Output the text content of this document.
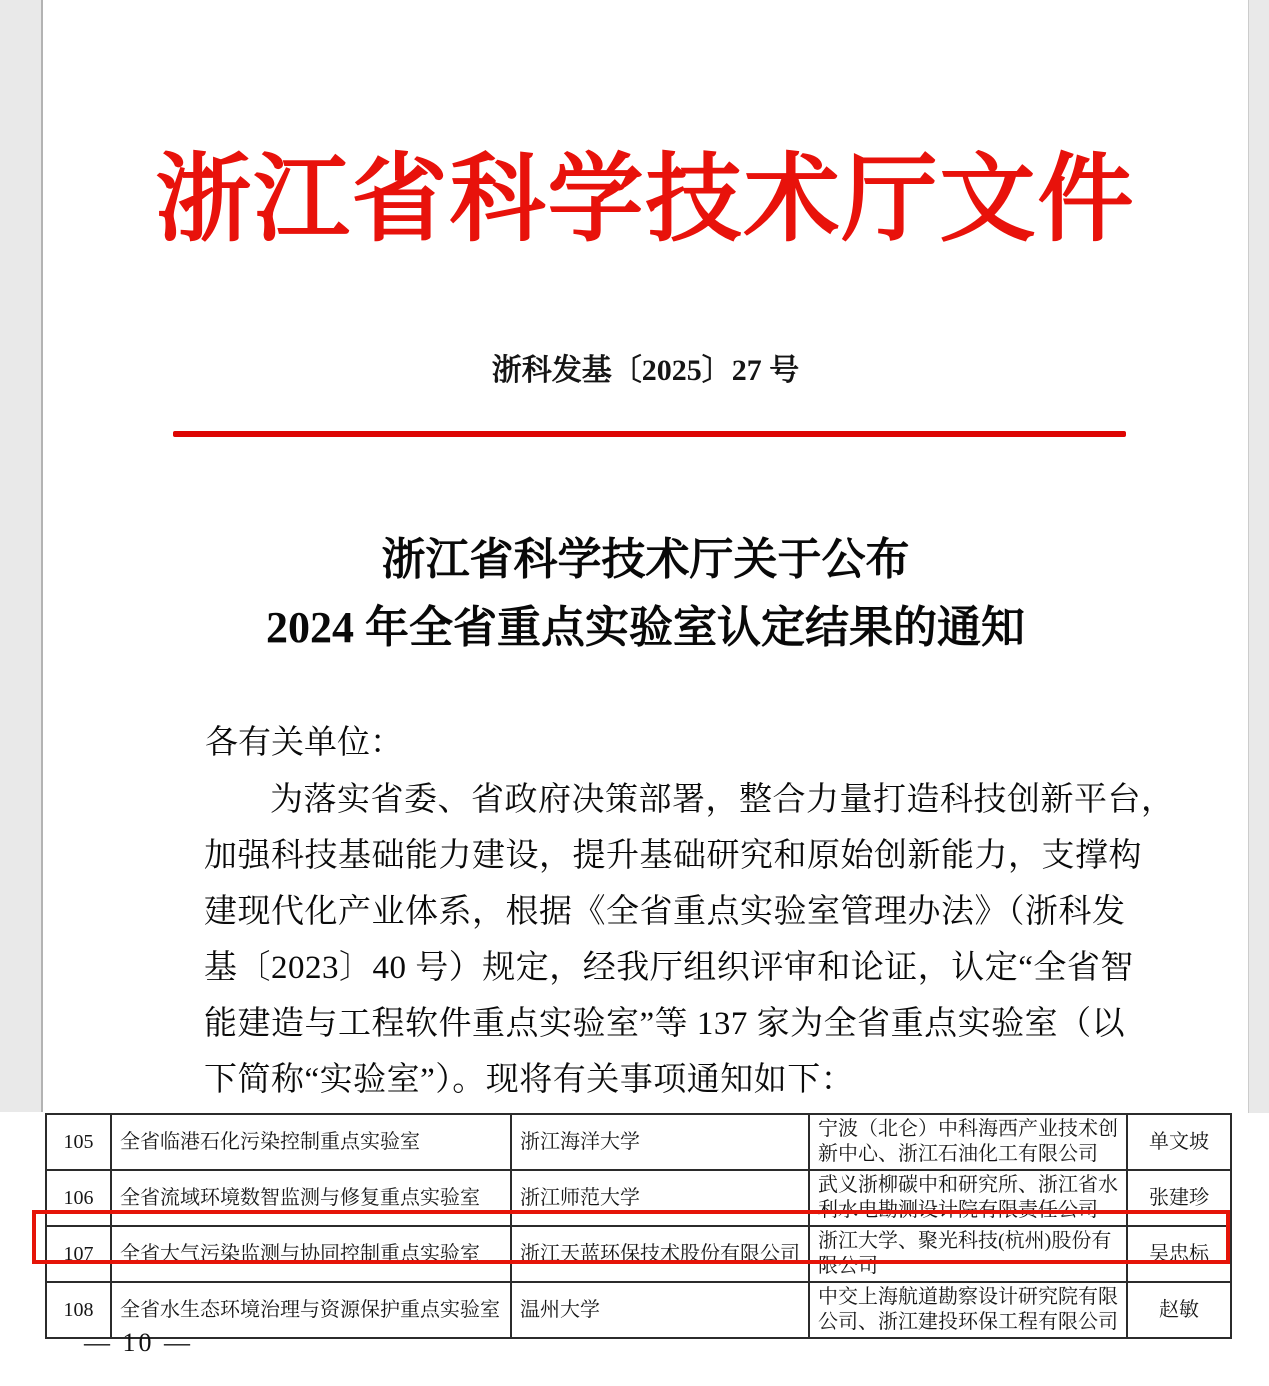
浙江省科学技术厅文件
浙科发基〔2025〕27 号
浙江省科学技术厅关于公布
2024 年全省重点实验室认定结果的通知
各有关单位：
为落实省委、省政府决策部署，整合力量打造科技创新平台，
加强科技基础能力建设，提升基础研究和原始创新能力，支撑构
建现代化产业体系，根据《全省重点实验室管理办法》（浙科发
基〔2023〕40 号）规定，经我厅组织评审和论证，认定“全省智
能建造与工程软件重点实验室”等 137 家为全省重点实验室（以
下简称“实验室”）。现将有关事项通知如下：
105	全省临港石化污染控制重点实验室	浙江海洋大学	宁波（北仑）中科海西产业技术创新中心、浙江石油化工有限公司	单文坡
106	全省流域环境数智监测与修复重点实验室	浙江师范大学	武义浙柳碳中和研究所、浙江省水利水电勘测设计院有限责任公司	张建珍
107	全省大气污染监测与协同控制重点实验室	浙江天蓝环保技术股份有限公司	浙江大学、聚光科技(杭州)股份有限公司	吴忠标
108	全省水生态环境治理与资源保护重点实验室	温州大学	中交上海航道勘察设计研究院有限公司、浙江建投环保工程有限公司	赵敏
— 10 —
